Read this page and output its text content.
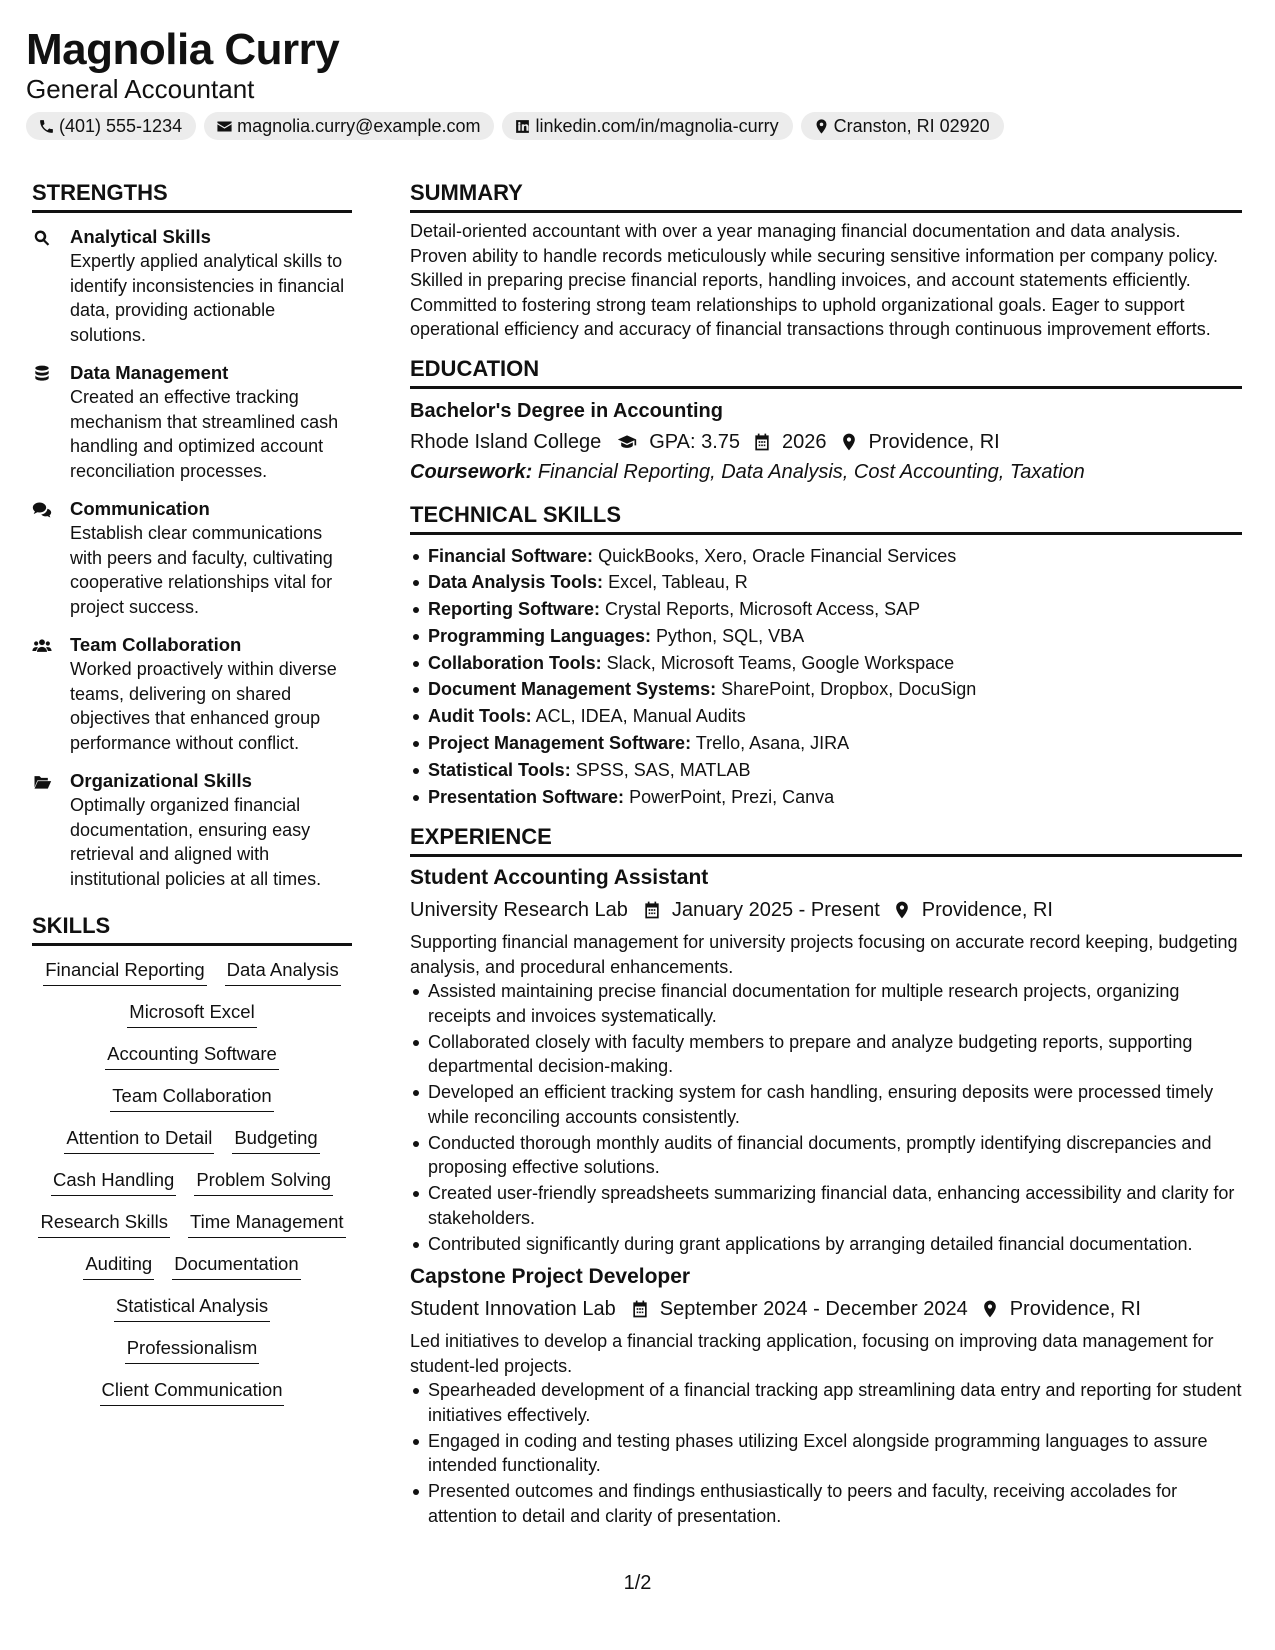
Magnolia Curry
General Accountant
(401) 555-1234	magnolia.curry@example.com	linkedin.com/in/magnolia-curry	Cranston, RI 02920
STRENGTHS
Analytical Skills
Expertly applied analytical skills to identify inconsistencies in financial data, providing actionable solutions.
Data Management
Created an effective tracking mechanism that streamlined cash handling and optimized account reconciliation processes.
Communication
Establish clear communications with peers and faculty, cultivating cooperative relationships vital for project success.
Team Collaboration
Worked proactively within diverse teams, delivering on shared objectives that enhanced group performance without conflict.
Organizational Skills
Optimally organized financial documentation, ensuring easy retrieval and aligned with institutional policies at all times.
SKILLS
Financial Reporting Data Analysis
Microsoft Excel
Accounting Software
Team Collaboration
Attention to Detail Budgeting
Cash Handling Problem Solving
Research Skills Time Management
Auditing Documentation
Statistical Analysis
Professionalism
Client Communication
SUMMARY
Detail-oriented accountant with over a year managing financial documentation and data analysis. Proven ability to handle records meticulously while securing sensitive information per company policy. Skilled in preparing precise financial reports, handling invoices, and account statements efficiently. Committed to fostering strong team relationships to uphold organizational goals. Eager to support operational efficiency and accuracy of financial transactions through continuous improvement efforts.
EDUCATION
Bachelor's Degree in Accounting
Rhode Island College GPA: 3.75 2026 Providence, RI
Coursework: Financial Reporting, Data Analysis, Cost Accounting, Taxation
TECHNICAL SKILLS
Financial Software: QuickBooks, Xero, Oracle Financial Services
Data Analysis Tools: Excel, Tableau, R
Reporting Software: Crystal Reports, Microsoft Access, SAP
Programming Languages: Python, SQL, VBA
Collaboration Tools: Slack, Microsoft Teams, Google Workspace
Document Management Systems: SharePoint, Dropbox, DocuSign
Audit Tools: ACL, IDEA, Manual Audits
Project Management Software: Trello, Asana, JIRA
Statistical Tools: SPSS, SAS, MATLAB
Presentation Software: PowerPoint, Prezi, Canva
EXPERIENCE
Student Accounting Assistant
University Research Lab January 2025 - Present Providence, RI
Supporting financial management for university projects focusing on accurate record keeping, budgeting analysis, and procedural enhancements.
Assisted maintaining precise financial documentation for multiple research projects, organizing receipts and invoices systematically.
Collaborated closely with faculty members to prepare and analyze budgeting reports, supporting departmental decision-making.
Developed an efficient tracking system for cash handling, ensuring deposits were processed timely while reconciling accounts consistently.
Conducted thorough monthly audits of financial documents, promptly identifying discrepancies and proposing effective solutions.
Created user-friendly spreadsheets summarizing financial data, enhancing accessibility and clarity for stakeholders.
Contributed significantly during grant applications by arranging detailed financial documentation.
Capstone Project Developer
Student Innovation Lab September 2024 - December 2024 Providence, RI
Led initiatives to develop a financial tracking application, focusing on improving data management for student-led projects.
Spearheaded development of a financial tracking app streamlining data entry and reporting for student initiatives effectively.
Engaged in coding and testing phases utilizing Excel alongside programming languages to assure intended functionality.
Presented outcomes and findings enthusiastically to peers and faculty, receiving accolades for attention to detail and clarity of presentation.
1/2
